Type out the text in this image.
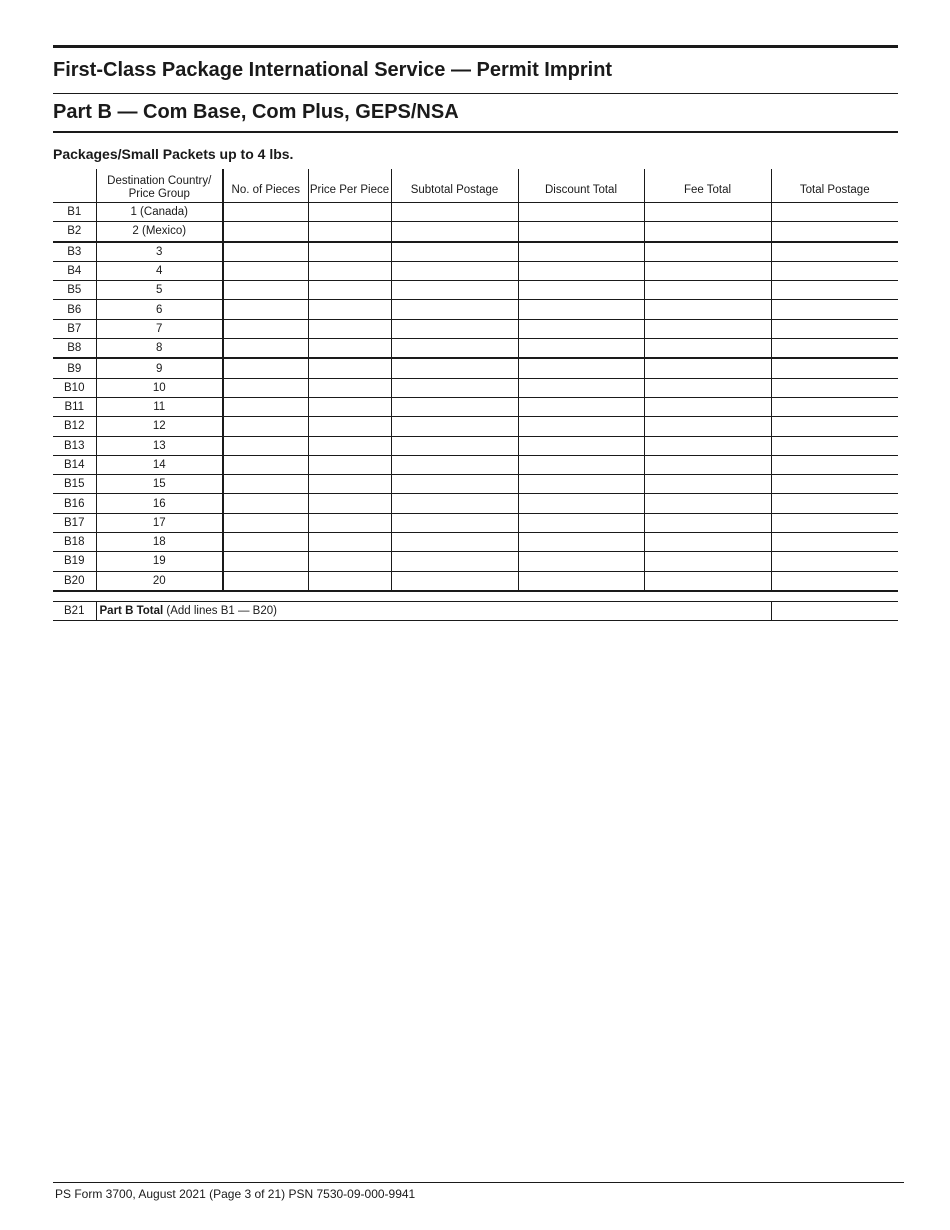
First-Class Package International Service — Permit Imprint
Part B — Com Base, Com Plus, GEPS/NSA
Packages/Small Packets up to 4 lbs.
	Destination Country/ Price Group	No. of Pieces	Price Per Piece	Subtotal Postage	Discount Total	Fee Total	Total Postage
B1	1 (Canada)						
B2	2 (Mexico)						
B3	3						
B4	4						
B5	5						
B6	6						
B7	7						
B8	8						
B9	9						
B10	10						
B11	11						
B12	12						
B13	13						
B14	14						
B15	15						
B16	16						
B17	17						
B18	18						
B19	19						
B20	20						
B21	Part B Total (Add lines B1 — B20)	
PS Form 3700, August 2021 (Page 3 of 21) PSN 7530-09-000-9941
